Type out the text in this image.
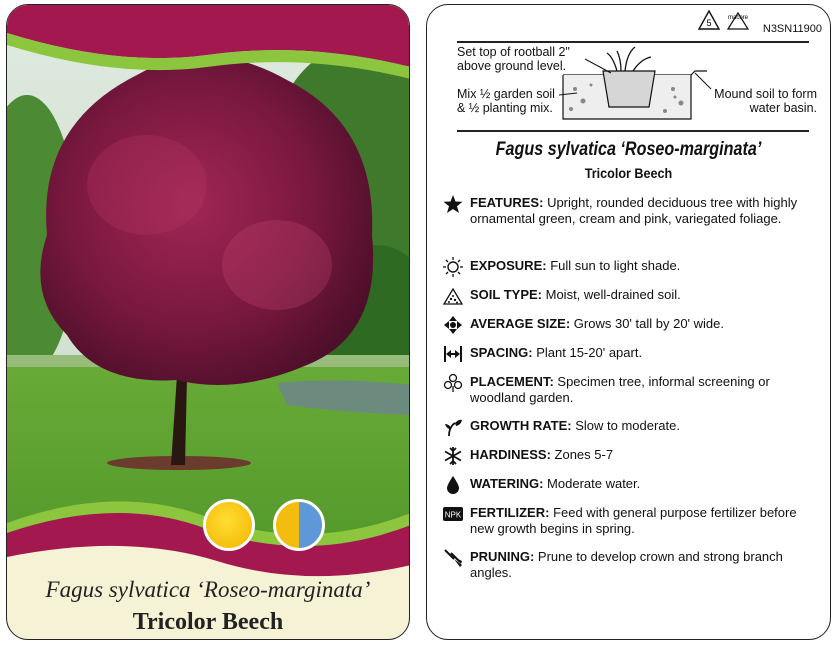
Fagus sylvatica ‘Roseo-marginata’
Tricolor Beech
5	macore
N3SN11900
Set top of rootball 2" above ground level.
Mix ½ garden soil & ½ planting mix.
Mound soil to form water basin.
Fagus sylvatica ‘Roseo-marginata’
Tricolor Beech
FEATURES: Upright, rounded deciduous tree with highly ornamental green, cream and pink, variegated foliage.
EXPOSURE: Full sun to light shade.
SOIL TYPE: Moist, well-drained soil.
AVERAGE SIZE: Grows 30' tall by 20' wide.
SPACING: Plant 15-20' apart.
PLACEMENT: Specimen tree, informal screening or woodland garden.
GROWTH RATE: Slow to moderate.
HARDINESS: Zones 5-7
WATERING: Moderate water.
NPK FERTILIZER: Feed with general purpose fertilizer before new growth begins in spring.
PRUNING: Prune to develop crown and strong branch angles.
